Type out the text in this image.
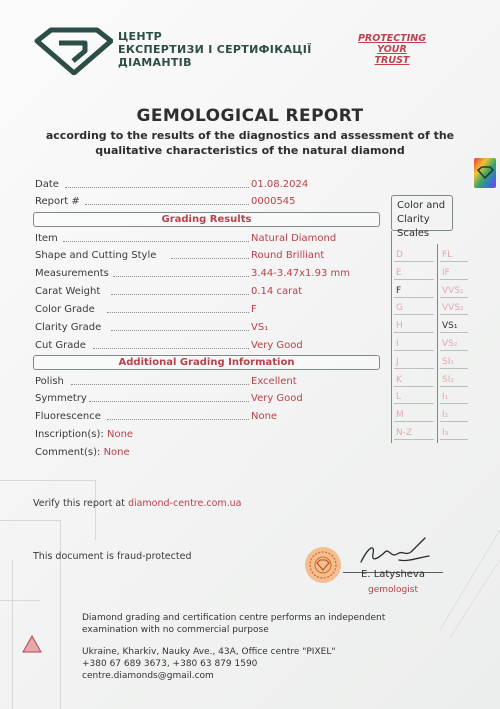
ЦЕНТР
ЕКСПЕРТИЗИ І СЕРТИФІКАЦІЇ
ДІАМАНТІВ
PROTECTING
YOUR
TRUST
GEMOLOGICAL REPORT
according to the results of the diagnostics and assessment of the qualitative characteristics of the natural diamond
Date	01.08.2024
Report #	0000545
Grading Results
Item	Natural Diamond
Shape and Cutting Style	Round Brilliant
Measurements	3.44-3.47x1.93 mm
Carat Weight	0.14 carat
Color Grade	F
Clarity Grade	VS₁
Cut Grade	Very Good
Additional Grading Information
Polish	Excellent
Symmetry	Very Good
Fluorescence	None
Inscription(s): None
Comment(s): None
Color and
Clarity Scales
D	FL
E	IF
F	VVS₁
G	VVS₂
H	VS₁
I	VS₂
J	SI₁
K	SI₂
L	I₁
M	I₂
N-Z	I₃
Verify this report at diamond-centre.com.ua
This document is fraud-protected
E. Latysheva
gemologist
Diamond grading and certification centre performs an independent
examination with no commercial purpose
Ukraine, Kharkiv, Nauky Ave., 43A, Office centre "PIXEL"
+380 67 689 3673, +380 63 879 1590
centre.diamonds@gmail.com
